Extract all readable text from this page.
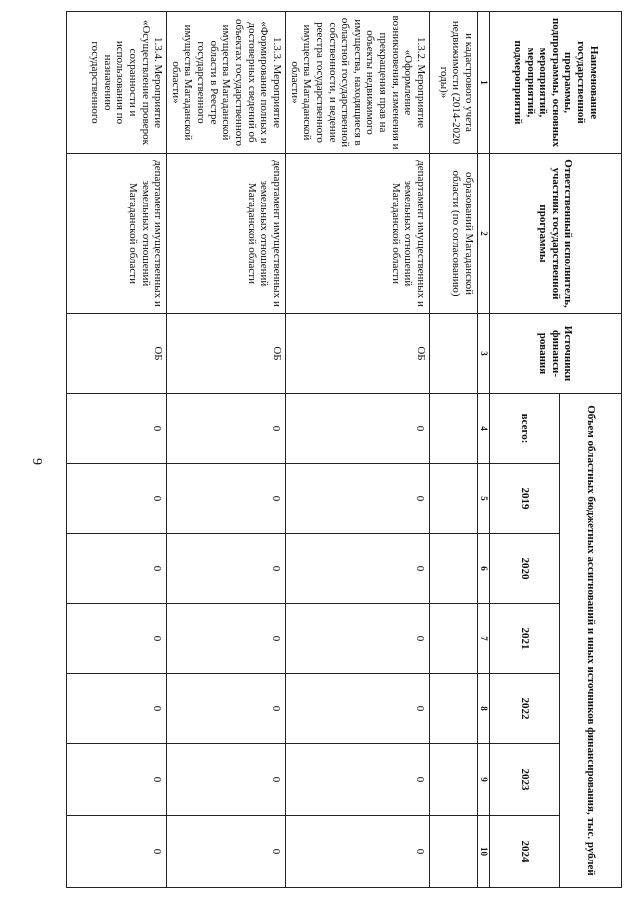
9
Наименование государственной программы, подпрограммы, основных мероприятий, мероприятий, подмероприятий	Ответственный исполнитель, участник государственной программы	Источники финанси-рования	Объем областных бюджетных ассигнований и иных источников финансирования, тыс. рублей						
			всего:	2019	2020	2021	2022	2023	2024
1	2	3	4	5	6	7	8	9	10
и кадастрового учета недвижимости (2014-2020 годы)»	образований Магаданской области (по согласованию)								
1.3.2. Мероприятие «Оформление возникновения, изменения и прекращения прав на объекты недвижимого имущества, находящиеся в областной государственной собственности, и ведение реестра государственного имущества Магаданской области»	департамент имущественных и земельных отношений Магаданской области	ОБ	0	0	0	0	0	0	0
1.3.3. Мероприятие «Формирование полных и достоверных сведений об объектах государственного имущества Магаданской области в Реестре государственного имущества Магаданской области»	департамент имущественных и земельных отношений Магаданской области	ОБ	0	0	0	0	0	0	0
1.3.4. Мероприятие «Осуществление проверок сохранности и использования по назначению государственного	департамент имущественных и земельных отношений Магаданской области	ОБ	0	0	0	0	0	0	0
